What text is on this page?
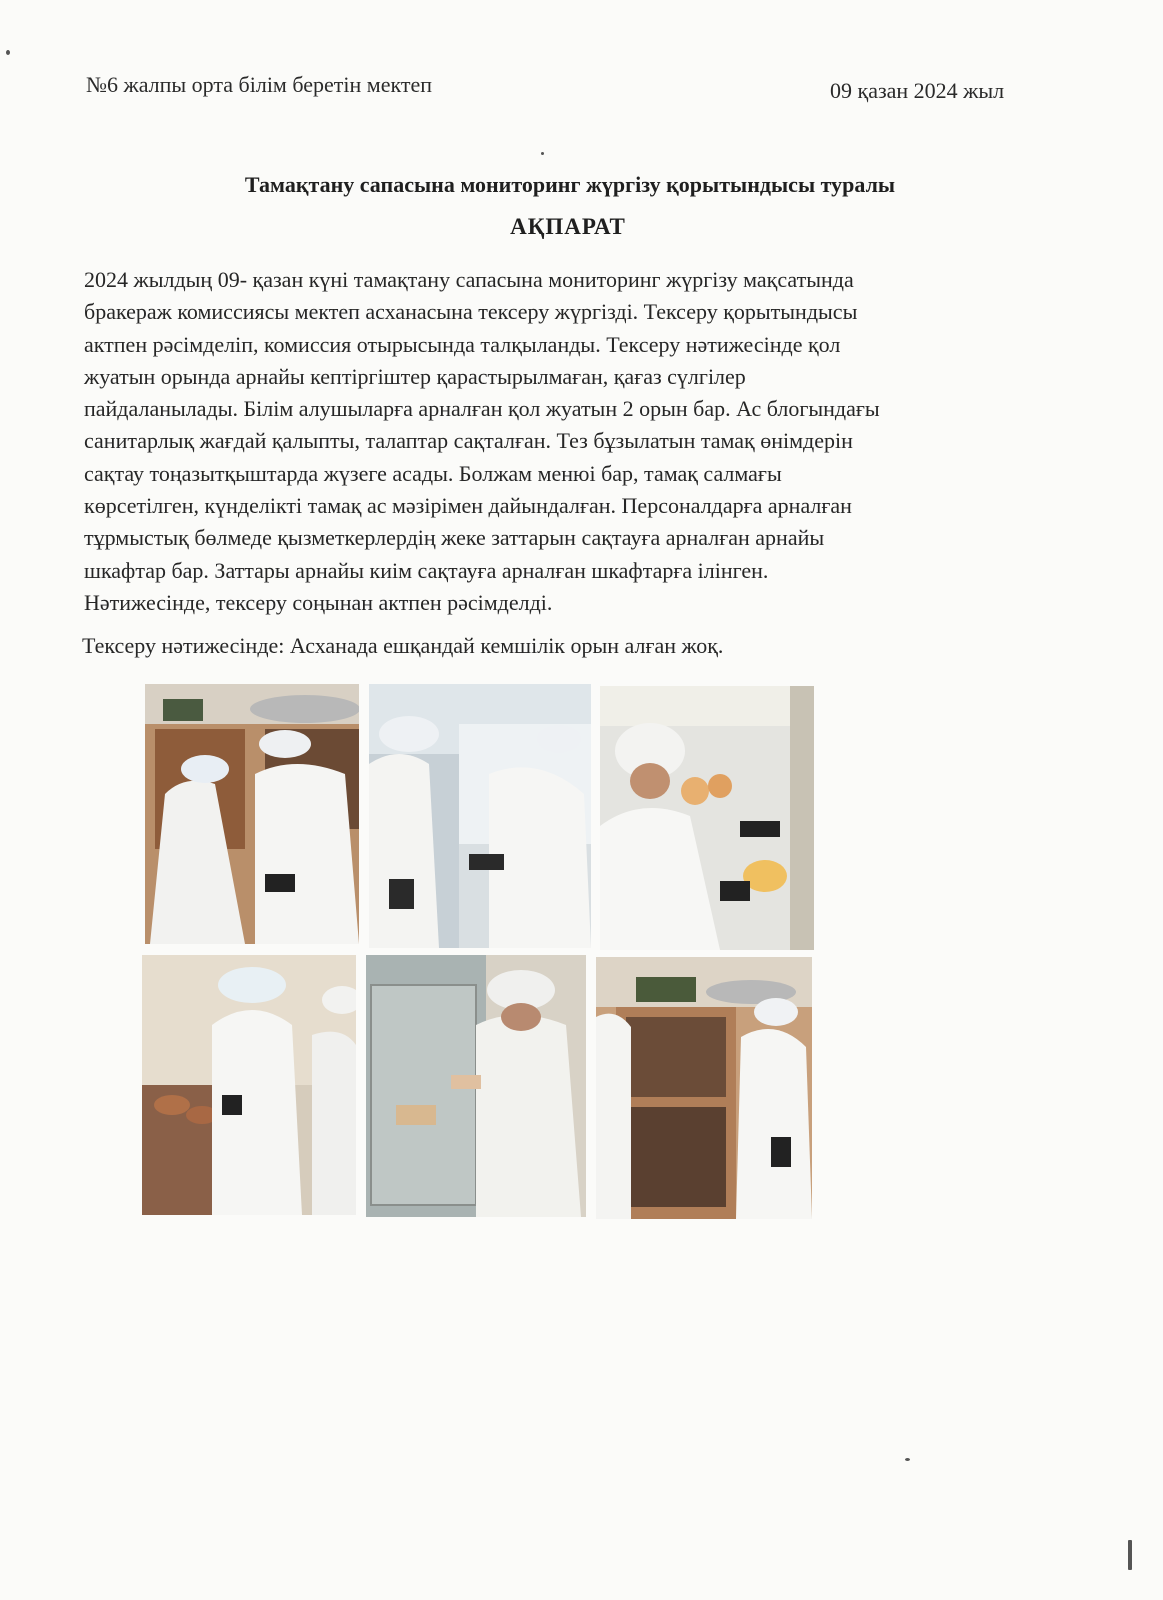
№6 жалпы орта білім беретін мектеп	09 қазан 2024 жыл
Тамақтану сапасына мониторинг жүргізу қорытындысы туралы
АҚПАРАТ

2024 жылдың 09- қазан күні тамақтану сапасына мониторинг жүргізу мақсатында

бракераж комиссиясы мектеп асханасына тексеру жүргізді. Тексеру қорытындысы

актпен рәсімделіп, комиссия отырысында талқыланды. Тексеру нәтижесінде қол

жуатын орында арнайы кептіргіштер қарастырылмаған, қағаз сүлгілер

пайдаланылады. Білім алушыларға арналған қол жуатын 2 орын бар. Ас блогындағы

санитарлық жағдай қалыпты, талаптар сақталған. Тез бұзылатын тамақ өнімдерін

сақтау тоңазытқыштарда жүзеге асады. Болжам менюі бар, тамақ салмағы

көрсетілген, күнделікті тамақ ас мәзірімен дайындалған. Персоналдарға арналған

тұрмыстық бөлмеде қызметкерлердің жеке заттарын сақтауға арналған арнайы

шкафтар бар. Заттары арнайы киім сақтауға арналған шкафтарға ілінген.

Нәтижесінде, тексеру соңынан актпен рәсімделді.

Тексеру нәтижесінде: Асханада ешқандай кемшілік орын алған жоқ.
